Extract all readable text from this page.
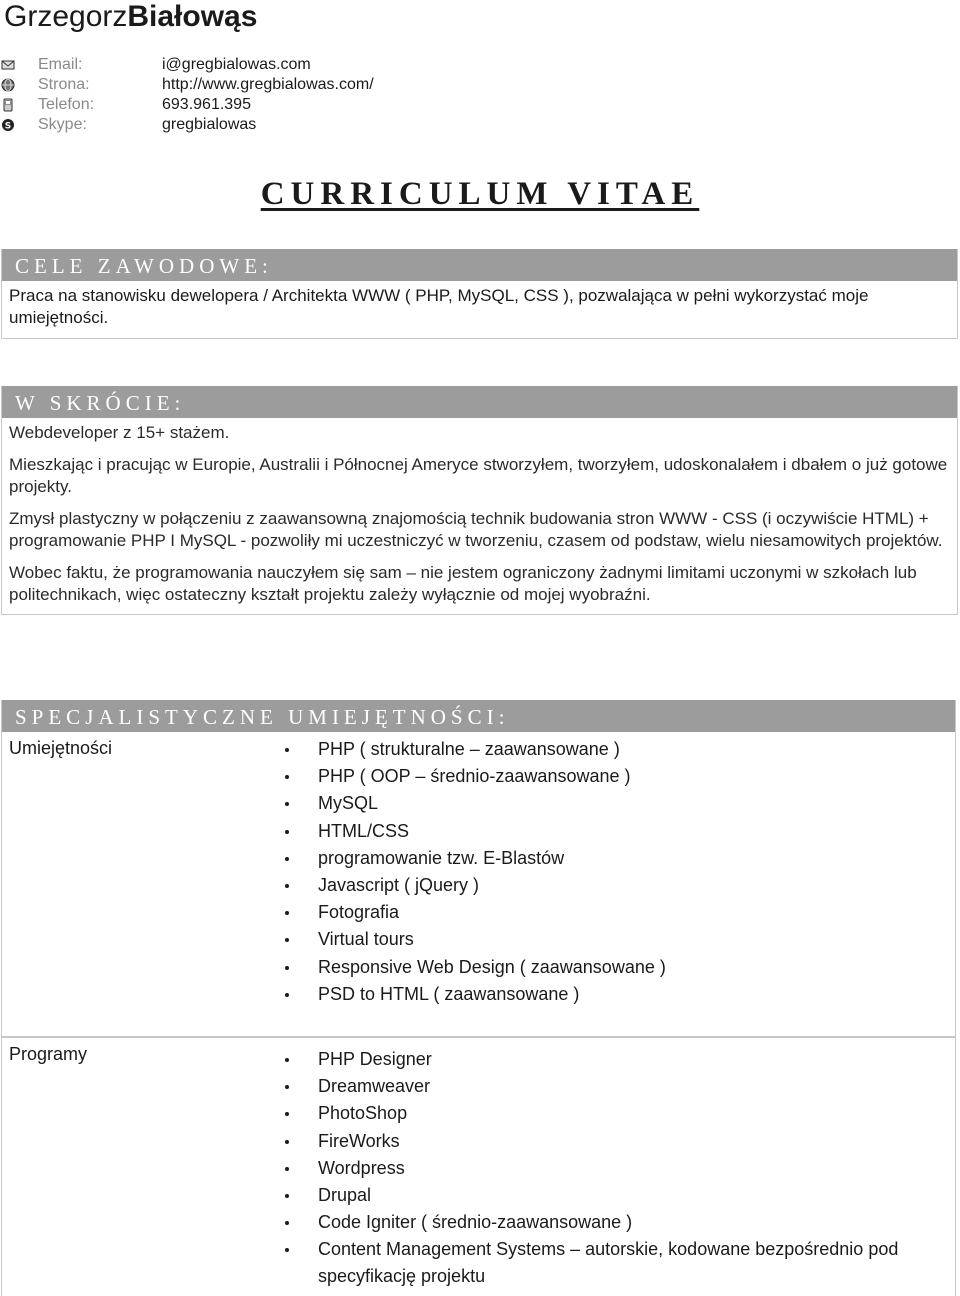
GrzegorzBiałowąs
Email:	i@gregbialowas.com
Strona:	http://www.gregbialowas.com/
Telefon:	693.961.395
S Skype:	gregbialowas
CURRICULUM VITAE
CELE ZAWODOWE:

Praca na stanowisku dewelopera / Architekta WWW ( PHP, MySQL, CSS ), pozwalająca w pełni wykorzystać moje umiejętności.

W SKRÓCIE:

Webdeveloper z 15+ stażem.

Mieszkając i pracując w Europie, Australii i Północnej Ameryce stworzyłem, tworzyłem, udoskonalałem i dbałem o już gotowe projekty.

Zmysł plastyczny w połączeniu z zaawansowną znajomością technik budowania stron WWW - CSS (i oczywiście HTML) + programowanie PHP I MySQL - pozwoliły mi uczestniczyć w tworzeniu, czasem od podstaw, wielu niesamowitych projektów.

Wobec faktu, że programowania nauczyłem się sam – nie jestem ograniczony żadnymi limitami uczonymi w szkołach lub politechnikach, więc ostateczny kształt projektu zależy wyłącznie od mojej wyobraźni.

SPECJALISTYCZNE UMIEJĘTNOŚCI:
Umiejętności	PHP ( strukturalne – zaawansowane )
PHP ( OOP – średnio-zaawansowane )
MySQL
HTML/CSS
programowanie tzw. E-Blastów
Javascript ( jQuery )
Fotografia
Virtual tours
Responsive Web Design ( zaawansowane )
PSD to HTML ( zaawansowane )
Programy	PHP Designer
Dreamweaver
PhotoShop
FireWorks
Wordpress
Drupal
Code Igniter ( średnio-zaawansowane )
Content Management Systems – autorskie, kodowane bezpośrednio pod specyfikację projektu
